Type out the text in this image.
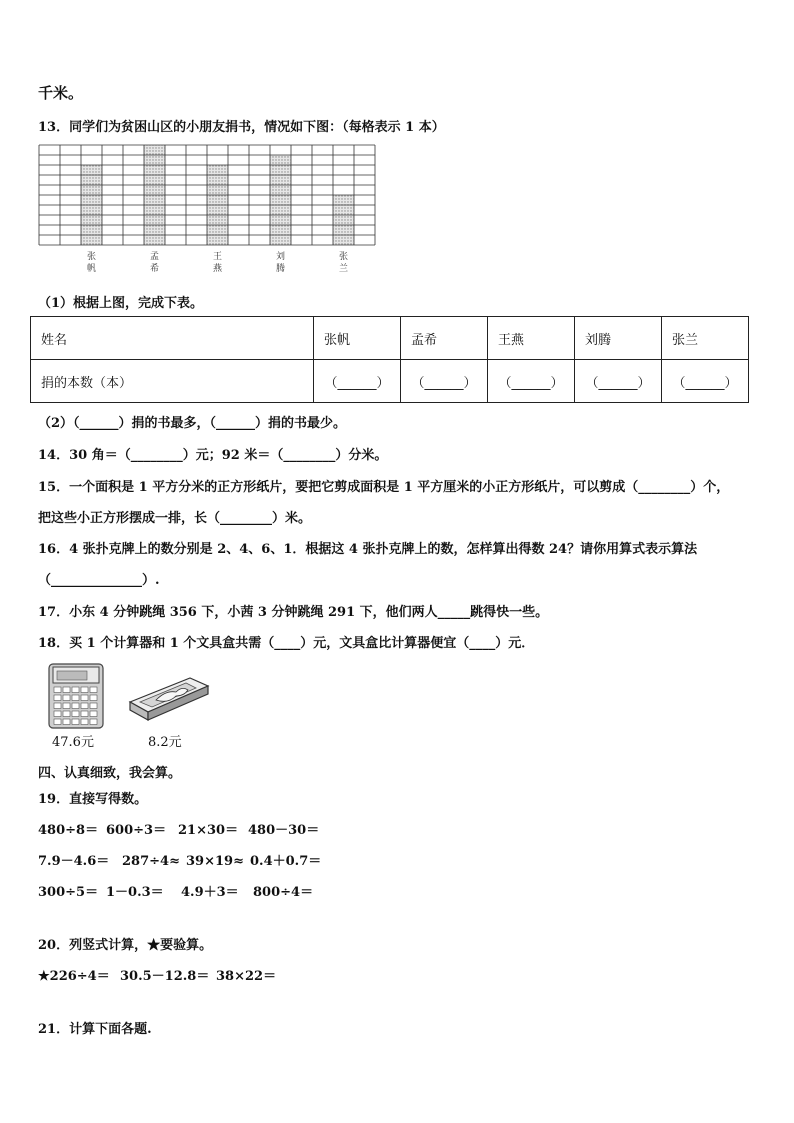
千米。
13．同学们为贫困山区的小朋友捐书，情况如下图：（每格表示 1 本）
张
帆
孟
希
王
燕
刘
腾
张
兰
（1）根据上图，完成下表。
姓名	张帆	孟希	王燕	刘腾	张兰
捐的本数（本）	（______）	（______）	（______）	（______）	（______）
（2）（______）捐的书最多，（______）捐的书最少。
14．30 角＝（________）元；92 米＝（________）分米。
15．一个面积是 1 平方分米的正方形纸片，要把它剪成面积是 1 平方厘米的小正方形纸片，可以剪成（________）个，
把这些小正方形摆成一排，长（________）米。
16．4 张扑克牌上的数分别是 2、4、6、1．根据这 4 张扑克牌上的数，怎样算出得数 24？请你用算式表示算法
（______________）.
17．小东 4 分钟跳绳 356 下，小茜 3 分钟跳绳 291 下，他们两人_____跳得快一些。
18．买 1 个计算器和 1 个文具盒共需（____）元，文具盒比计算器便宜（____）元．
47.6元	8.2元
四、认真细致，我会算。
19．直接写得数。
480÷8＝ 600÷3＝ 21×30＝ 480－30＝
7.9－4.6＝ 287÷4≈ 39×19≈ 0.4＋0.7＝
300÷5＝ 1－0.3＝ 4.9＋3＝ 800÷4＝
20．列竖式计算，★要验算。
★226÷4＝ 30.5－12.8＝ 38×22＝
21．计算下面各题.
